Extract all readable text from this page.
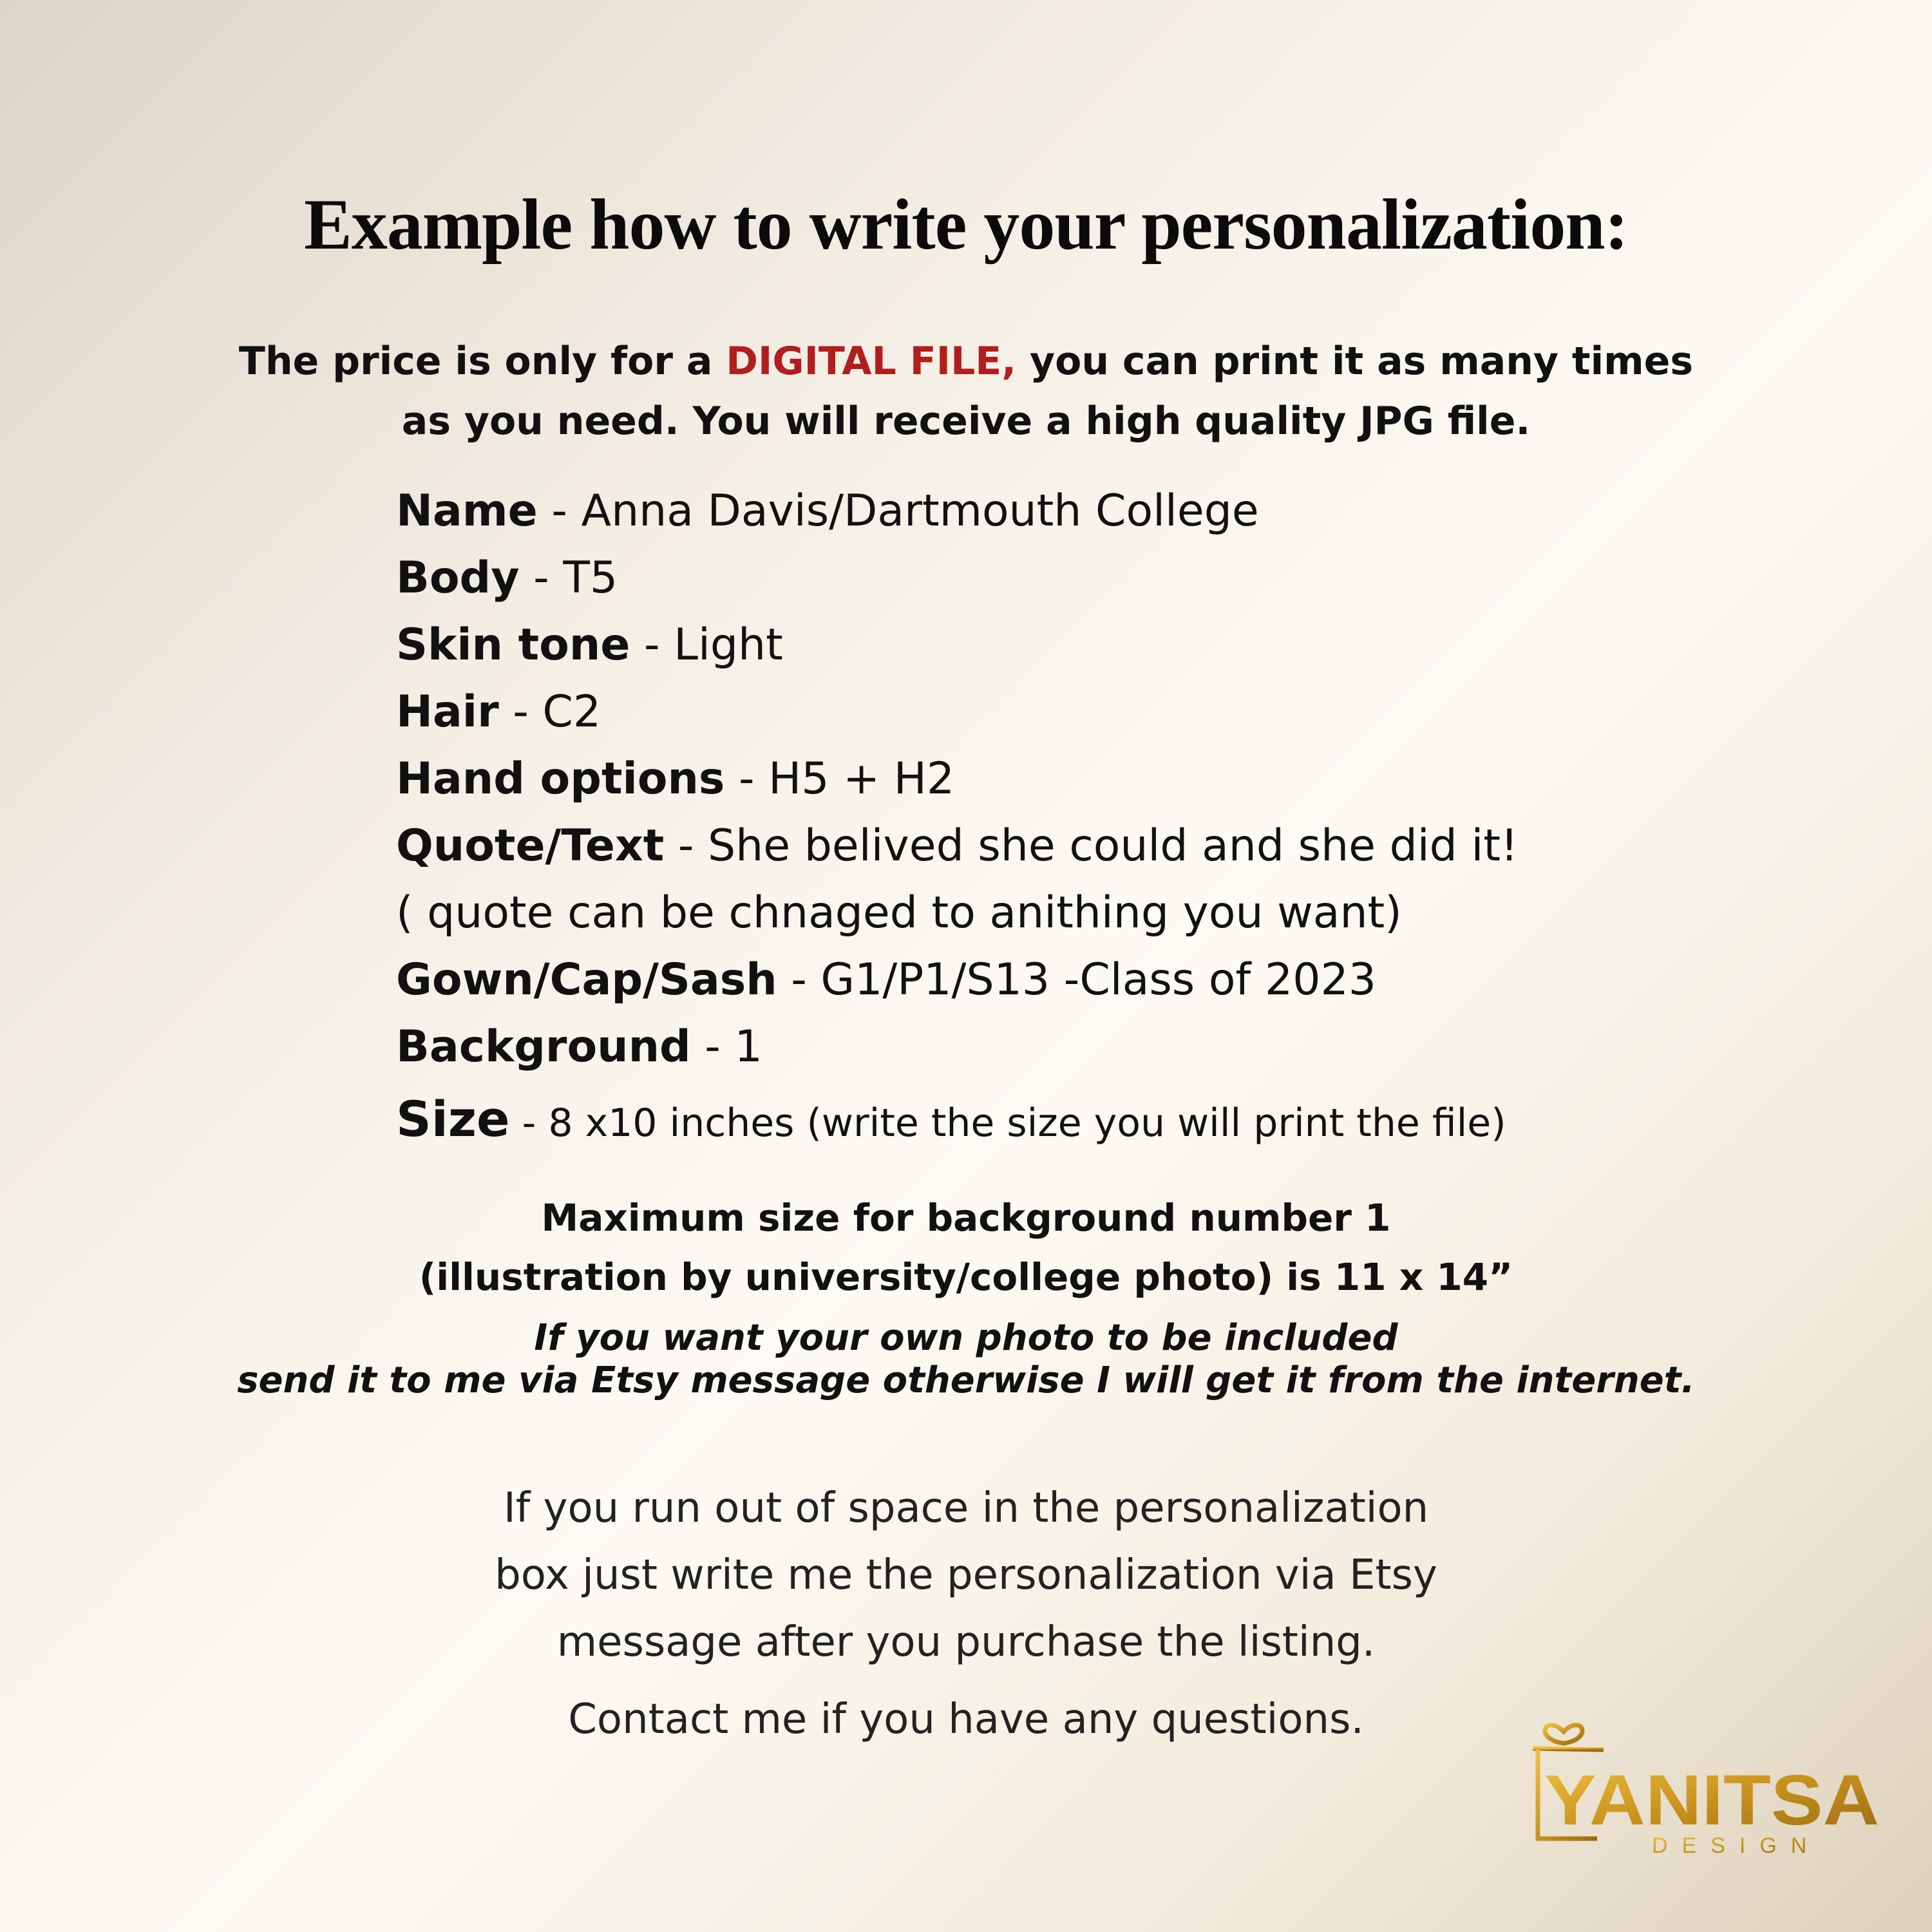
Example how to write your personalization:
The price is only for a DIGITAL FILE, you can print it as many times
as you need. You will receive a high quality JPG file.
Name - Anna Davis/Dartmouth College
Body - T5
Skin tone - Light
Hair - C2
Hand options - H5 + H2
Quote/Text - She belived she could and she did it!
( quote can be chnaged to anithing you want)
Gown/Cap/Sash - G1/P1/S13 -Class of 2023
Background - 1
Size - 8 x10 inches (write the size you will print the file)
Maximum size for background number 1
(illustration by university/college photo) is 11 x 14”
If you want your own photo to be included
send it to me via Etsy message otherwise I will get it from the internet.
If you run out of space in the personalization
box just write me the personalization via Etsy
message after you purchase the listing.
Contact me if you have any questions.
YANITSA
DESIGN
